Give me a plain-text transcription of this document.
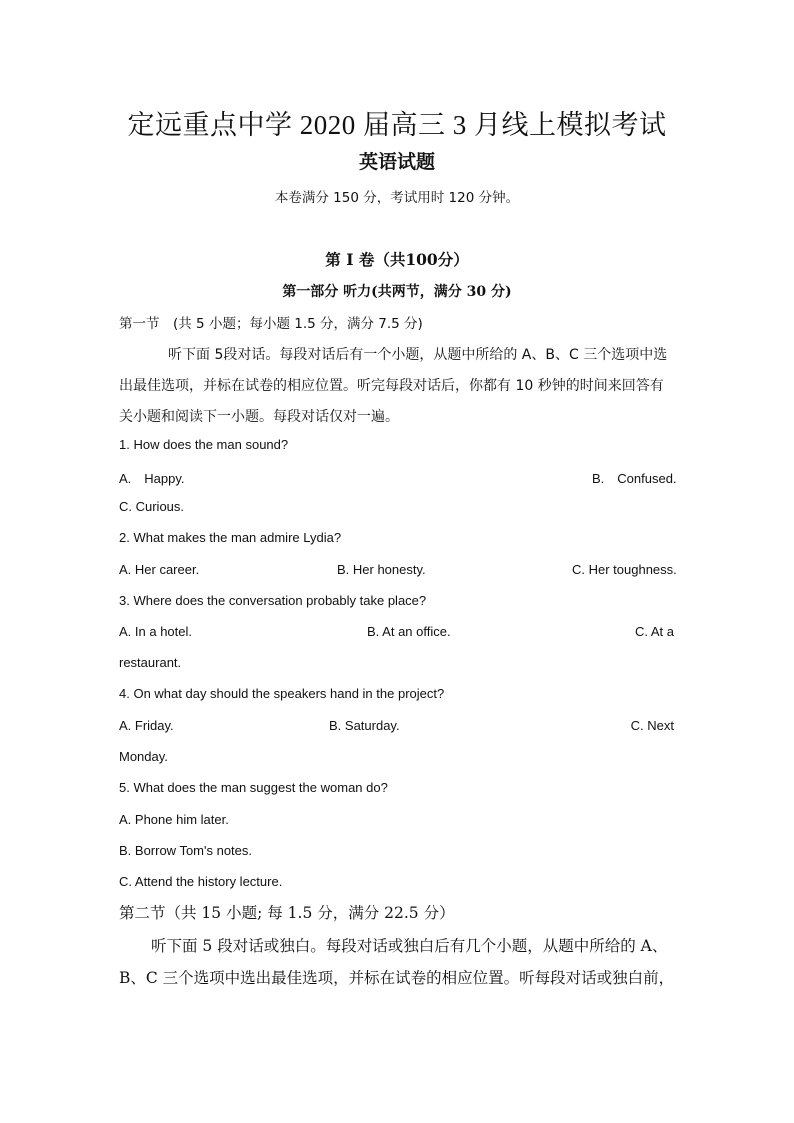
定远重点中学 2020 届高三 3 月线上模拟考试
英语试题
本卷满分 150 分，考试用时 120 分钟。
第 I 卷（共100分）
第一部分 听力(共两节，满分 30 分)
第一节　(共 5 小题；每小题 1.5 分，满分 7.5 分)
听下面 5段对话。每段对话后有一个小题，从题中所给的 A、B、C 三个选项中选出最佳选项，并标在试卷的相应位置。听完每段对话后，你都有 10 秒钟的时间来回答有关小题和阅读下一小题。每段对话仅对一遍。
1. How does the man sound?
A.　Happy.	B.　Confused.
C. Curious.
2. What makes the man admire Lydia?
A. Her career.	B. Her honesty.	C. Her toughness.
3. Where does the conversation probably take place?
A. In a hotel.	B. At an office.	C. At a
restaurant.
4. On what day should the speakers hand in the project?
A. Friday.	B. Saturday.	C. Next
Monday.
5. What does the man suggest the woman do?
A. Phone him later.
B. Borrow Tom's notes.
C. Attend the history lecture.
第二节（共 15 小题; 每 1.5 分，满分 22.5 分）
听下面 5 段对话或独白。每段对话或独白后有几个小题，从题中所给的 A、B、C 三个选项中选出最佳选项，并标在试卷的相应位置。听每段对话或独白前，
